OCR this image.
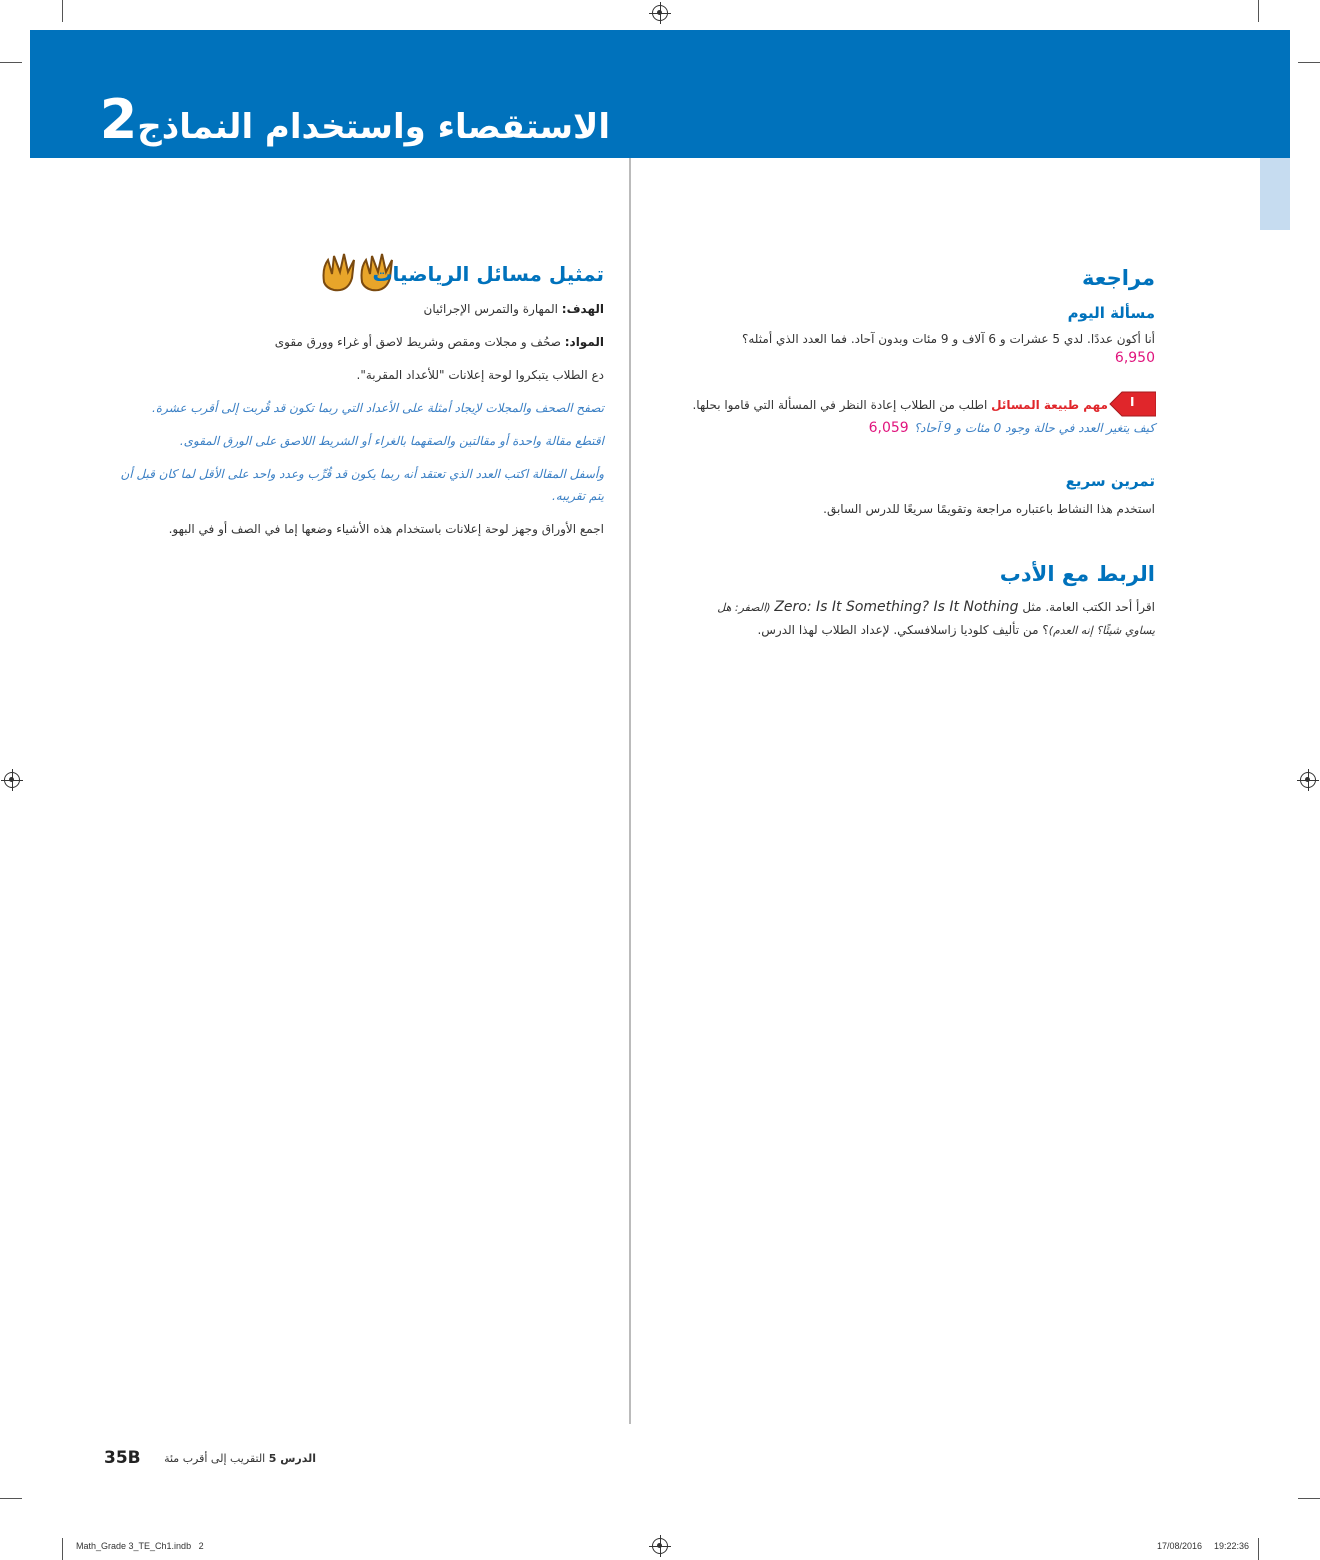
الاستقصاء واستخدام النماذج2
مراجعة
مسألة اليوم
أنا أكون عددًا. لدي 5 عشرات و 6 آلاف و 9 مئات وبدون آحاد. فما العدد الذي أمثله؟
6,950
I
مهم طبيعة المسائل اطلب من الطلاب إعادة النظر في المسألة التي قاموا بحلها.
كيف يتغير العدد في حالة وجود 0 مئات و 9 آحاد؟ 6,059
تمرين سريع
استخدم هذا النشاط باعتباره مراجعة وتقويمًا سريعًا للدرس السابق.
الربط مع الأدب
اقرأ أحد الكتب العامة. مثل Zero: Is It Something? Is It Nothing (الصفر: هل
يساوي شيئًا؟ إنه العدم)؟ من تأليف كلوديا زاسلافسكي. لإعداد الطلاب لهذا الدرس.
تمثيل مسائل الرياضيات
الهدف: المهارة والتمرس الإجرائيان
المواد: صحُف و مجلات ومقص وشريط لاصق أو غراء وورق مقوى
دع الطلاب يتبكروا لوحة إعلانات "للأعداد المقربة".
تصفح الصحف والمجلات لإيجاد أمثلة على الأعداد التي ربما تكون قد قُربت إلى أقرب عشرة.
اقتطع مقالة واحدة أو مقالتين والصقهما بالغراء أو الشريط اللاصق على الورق المقوى.
وأسفل المقالة اكتب العدد الذي تعتقد أنه ربما يكون قد قُرِّب وعدد واحد على الأقل لما كان قبل أن يتم تقريبه.
اجمع الأوراق وجهز لوحة إعلانات باستخدام هذه الأشياء وضعها إما في الصف أو في البهو.
35B	الدرس 5 التقريب إلى أقرب مئة
Math_Grade 3_TE_Ch1.indb   2	17/08/2016 19:22:36
